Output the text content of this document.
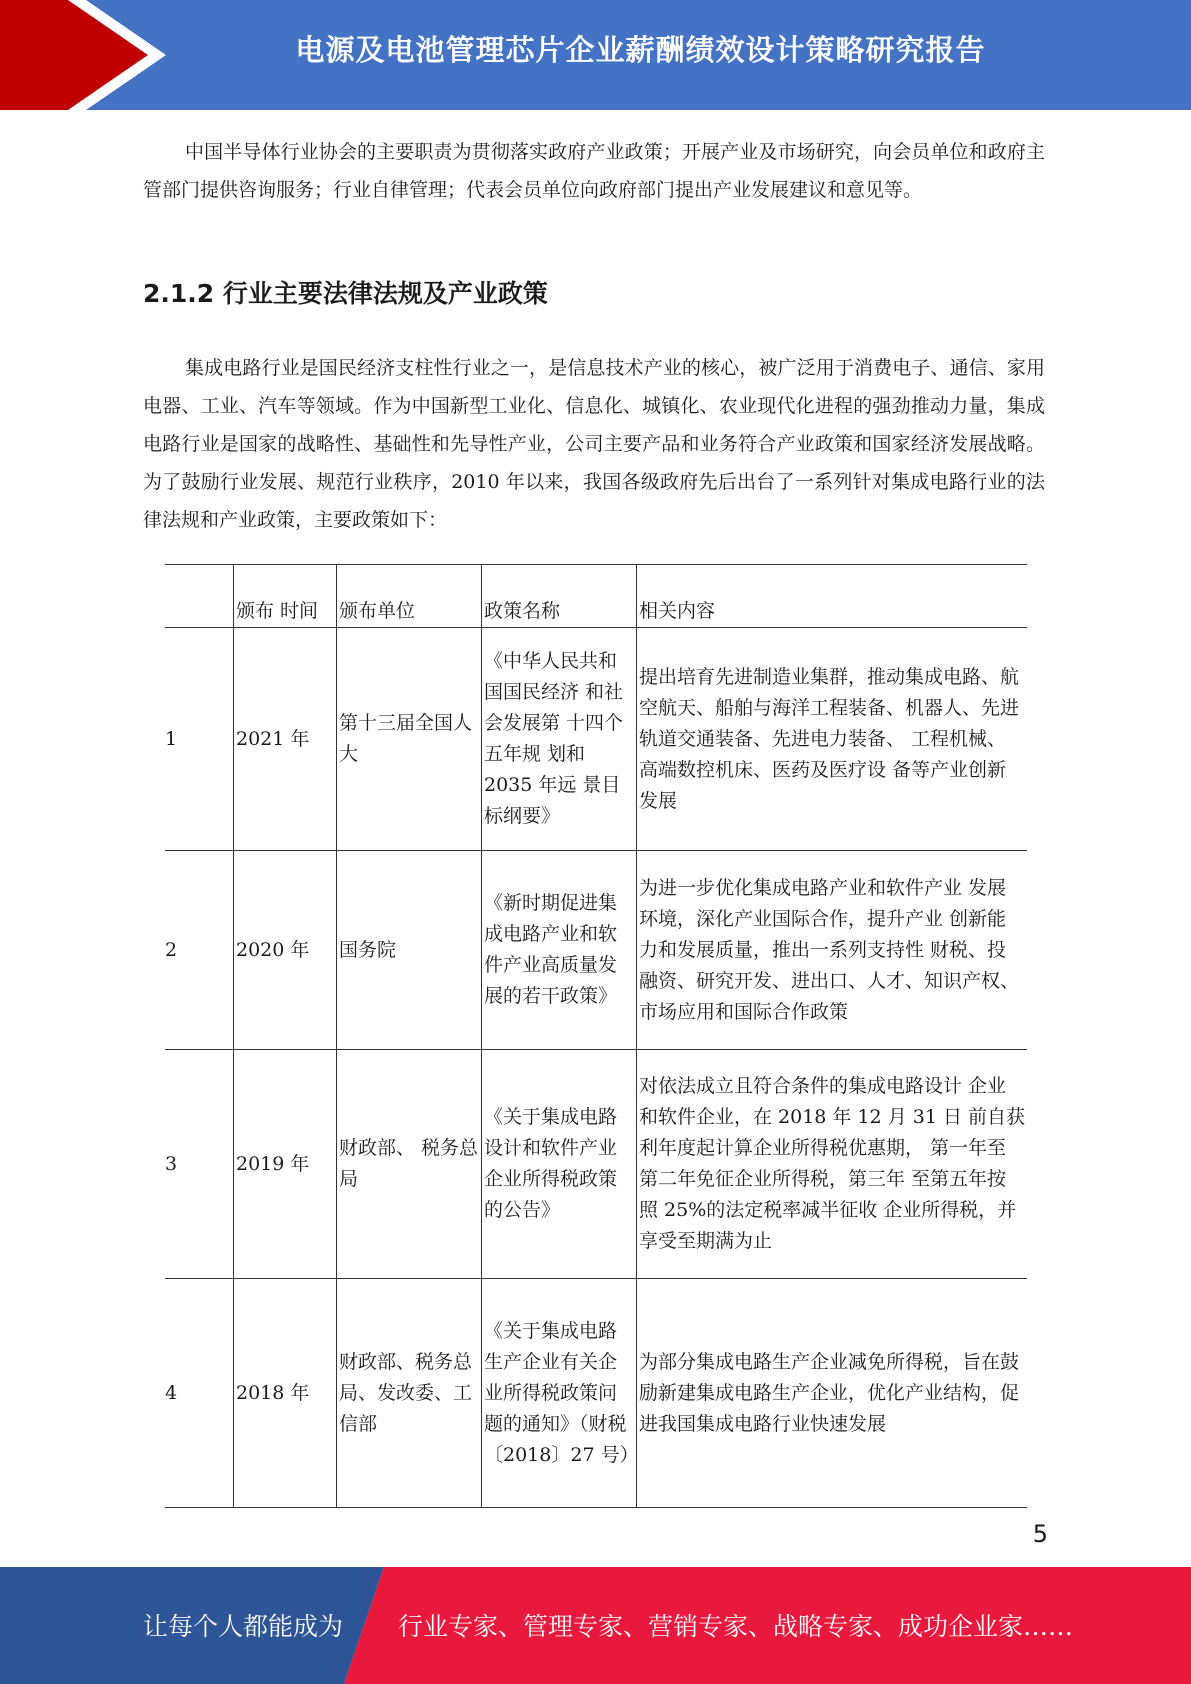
电源及电池管理芯片企业薪酬绩效设计策略研究报告

中国半导体行业协会的主要职责为贯彻落实政府产业政策；开展产业及市场研究，向会员单位和政府主管部门提供咨询服务；行业自律管理；代表会员单位向政府部门提出产业发展建议和意见等。

2.1.2 行业主要法律法规及产业政策

集成电路行业是国民经济支柱性行业之一，是信息技术产业的核心，被广泛用于消费电子、通信、家用电器、工业、汽车等领域。作为中国新型工业化、信息化、城镇化、农业现代化进程的强劲推动力量，集成电路行业是国家的战略性、基础性和先导性产业，公司主要产品和业务符合产业政策和国家经济发展战略。为了鼓励行业发展、规范行业秩序，2010 年以来，我国各级政府先后出台了一系列针对集成电路行业的法律法规和产业政策，主要政策如下：

	颁布 时间	颁布单位	政策名称	相关内容
1	2021 年	第十三届全国人大	《中华人民共和国国民经济 和社会发展第 十四个五年规 划和 2035 年远 景目标纲要》	提出培育先进制造业集群，推动集成电路、航空航天、船舶与海洋工程装备、机器人、先进轨道交通装备、先进电力装备、 工程机械、高端数控机床、医药及医疗设 备等产业创新发展
2	2020 年	国务院	《新时期促进集成电路产业和软件产业高质量发展的若干政策》	为进一步优化集成电路产业和软件产业 发展环境，深化产业国际合作，提升产业 创新能力和发展质量，推出一系列支持性 财税、投融资、研究开发、进出口、人才、知识产权、市场应用和国际合作政策
3	2019 年	财政部、 税务总局	《关于集成电路设计和软件产业企业所得税政策的公告》	对依法成立且符合条件的集成电路设计 企业和软件企业，在 2018 年 12 月 31 日 前自获利年度起计算企业所得税优惠期， 第一年至第二年免征企业所得税，第三年 至第五年按照 25%的法定税率减半征收 企业所得税，并享受至期满为止
4	2018 年	财政部、税务总局、发改委、工信部	《关于集成电路生产企业有关企业所得税政策问题的通知》（财税〔2018〕27 号）	为部分集成电路生产企业减免所得税，旨在鼓励新建集成电路生产企业，优化产业结构，促进我国集成电路行业快速发展
5
让每个人都能成为 行业专家、管理专家、营销专家、战略专家、成功企业家……
